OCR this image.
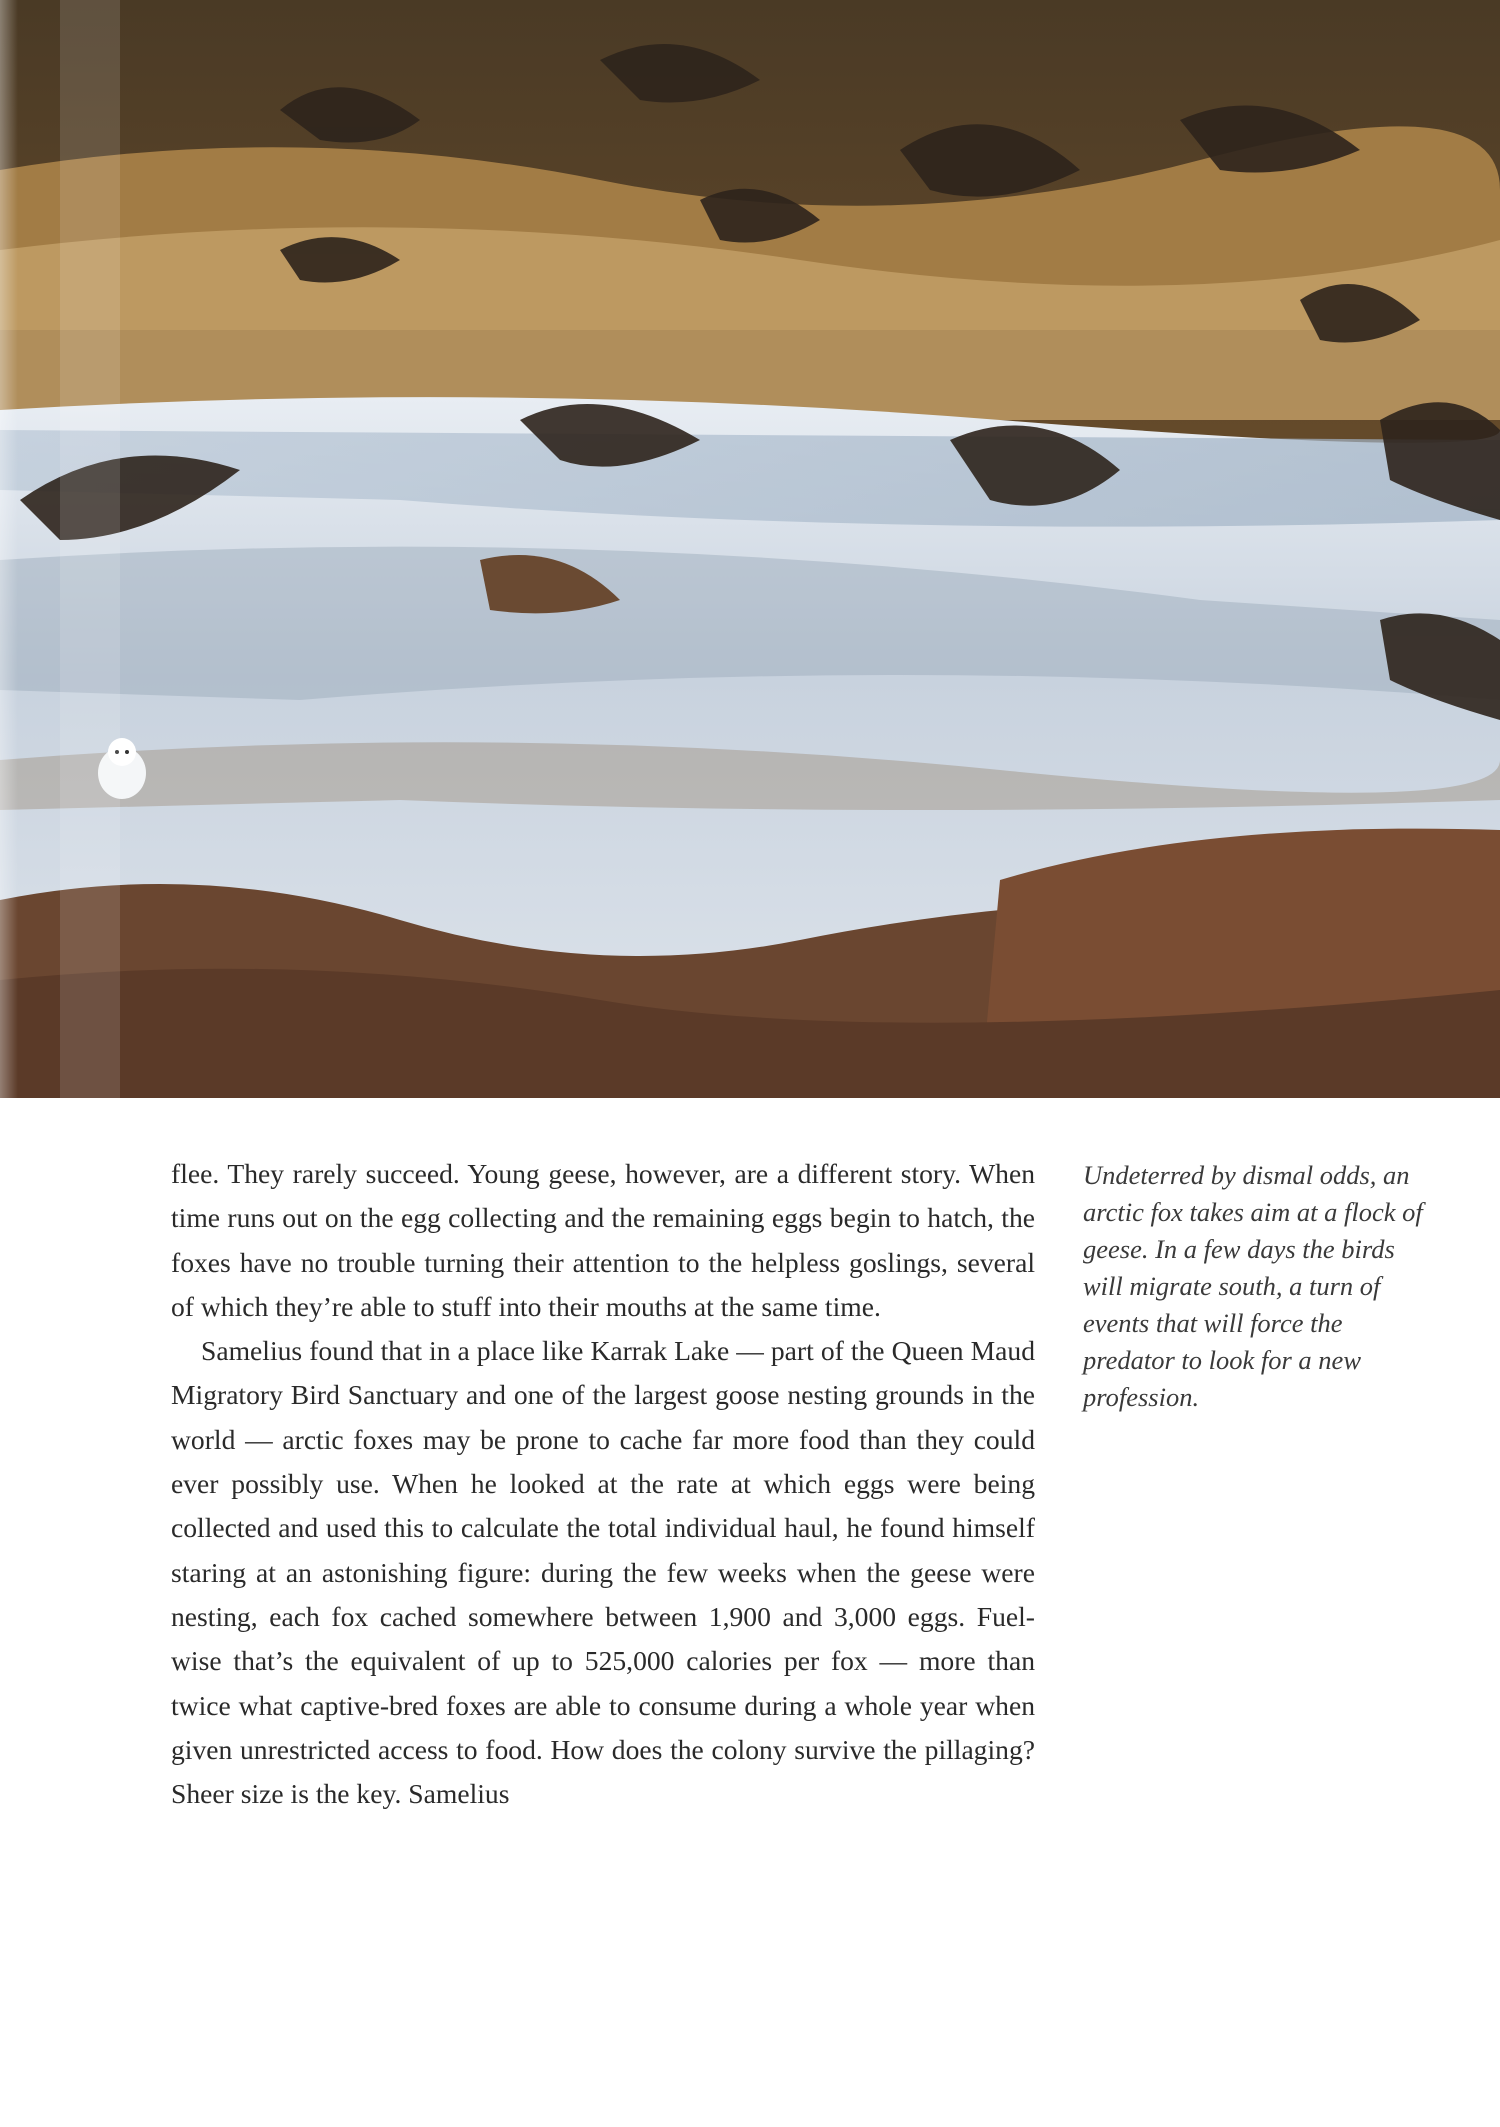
flee. They rarely succeed. Young geese, however, are a different story. When time runs out on the egg collecting and the remaining eggs begin to hatch, the foxes have no trouble turning their attention to the helpless goslings, several of which they’re able to stuff into their mouths at the same time.

Samelius found that in a place like Karrak Lake — part of the Queen Maud Migratory Bird Sanctuary and one of the largest goose nesting grounds in the world — arctic foxes may be prone to cache far more food than they could ever possibly use. When he looked at the rate at which eggs were being collected and used this to calculate the total individual haul, he found himself staring at an astonishing figure: during the few weeks when the geese were nesting, each fox cached somewhere between 1,900 and 3,000 eggs. Fuel-wise that’s the equivalent of up to 525,000 calories per fox — more than twice what captive-bred foxes are able to consume during a whole year when given unrestricted access to food. How does the colony survive the pillaging? Sheer size is the key. Samelius

Undeterred by dismal odds, an arctic fox takes aim at a flock of geese. In a few days the birds will migrate south, a turn of events that will force the predator to look for a new profession.
